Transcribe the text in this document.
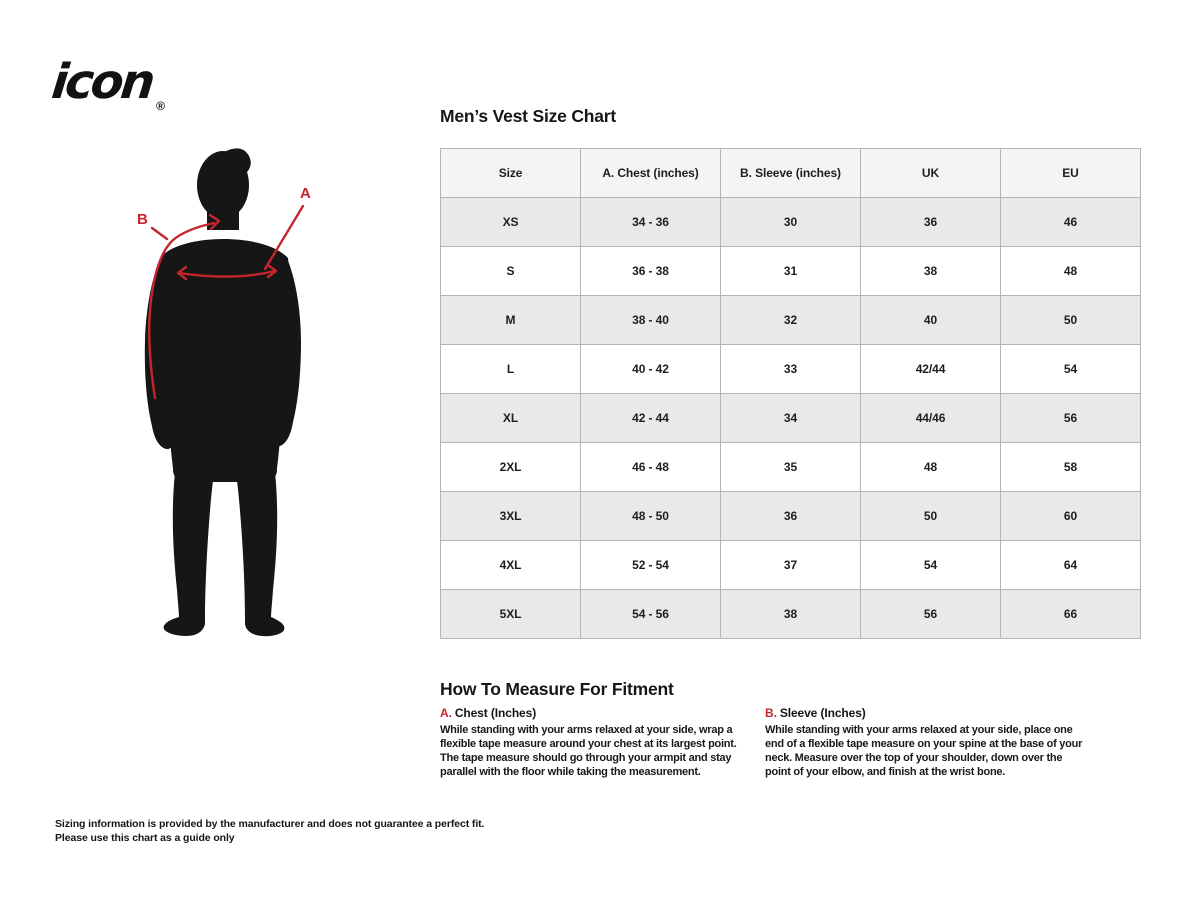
icon$_®$
B
A
Men’s Vest Size Chart
Size	A. Chest (inches)	B. Sleeve (inches)	UK	EU
XS	34 - 36	30	36	46
S	36 - 38	31	38	48
M	38 - 40	32	40	50
L	40 - 42	33	42/44	54
XL	42 - 44	34	44/46	56
2XL	46 - 48	35	48	58
3XL	48 - 50	36	50	60
4XL	52 - 54	37	54	64
5XL	54 - 56	38	56	66
How To Measure For Fitment
A. Chest (Inches)
While standing with your arms relaxed at your side, wrap a flexible tape measure around your chest at its largest point. The tape measure should go through your armpit and stay parallel with the floor while taking the measurement.
B. Sleeve (Inches)
While standing with your arms relaxed at your side, place one end of a flexible tape measure on your spine at the base of your neck. Measure over the top of your shoulder, down over the point of your elbow, and finish at the wrist bone.
Sizing information is provided by the manufacturer and does not guarantee a perfect fit.
Please use this chart as a guide only
